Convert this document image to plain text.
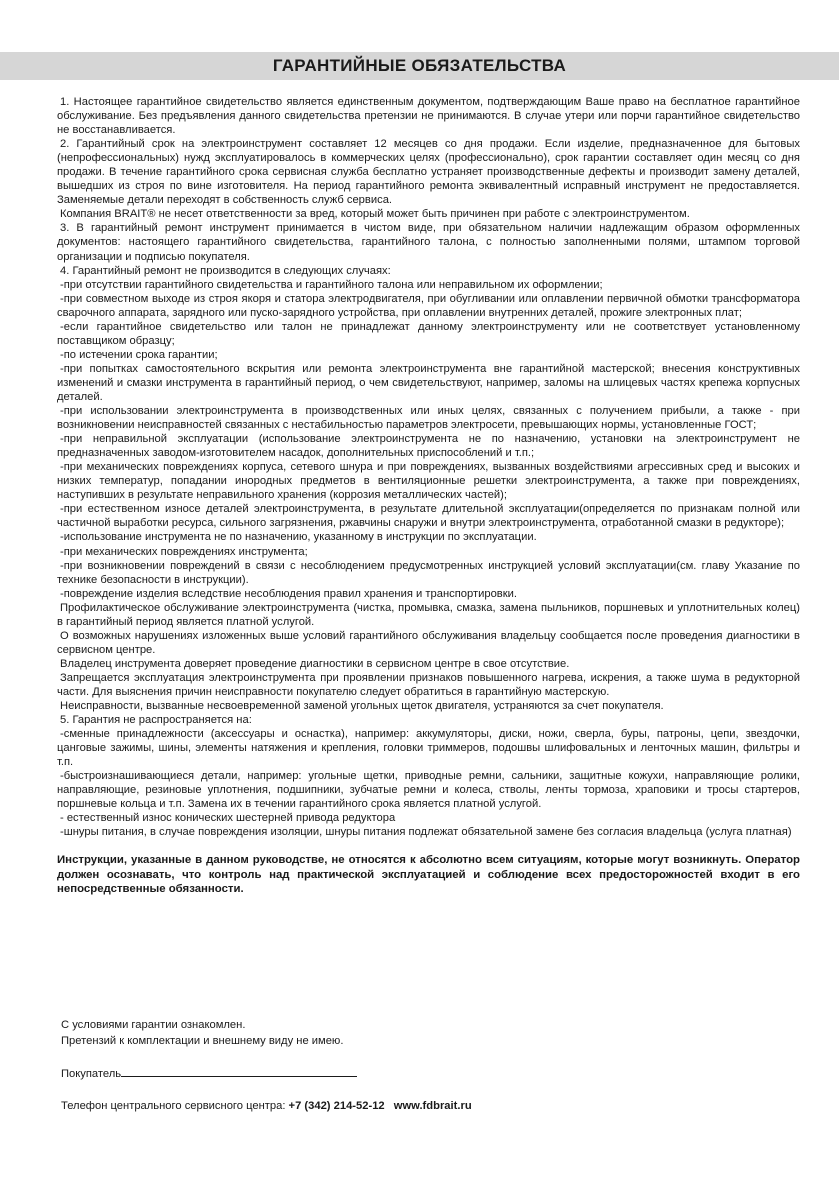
ГАРАНТИЙНЫЕ ОБЯЗАТЕЛЬСТВА

1. Настоящее гарантийное свидетельство является единственным документом, подтверждающим Ваше право на бесплатное гарантийное обслуживание. Без предъявления данного свидетельства претензии не принимаются. В случае утери или порчи гарантийное свидетельство не восстанавливается.

2. Гарантийный срок на электроинструмент составляет 12 месяцев со дня продажи. Если изделие, предназначенное для бытовых (непрофессиональных) нужд эксплуатировалось в коммерческих целях (профессионально), срок гарантии составляет один месяц со дня продажи. В течение гарантийного срока сервисная служба бесплатно устраняет производственные дефекты и производит замену деталей, вышедших из строя по вине изготовителя. На период гарантийного ремонта эквивалентный исправный инструмент не предоставляется. Заменяемые детали переходят в собственность служб сервиса.

Компания BRAIT® не несет ответственности за вред, который может быть причинен при работе с электроинструментом.

3. В гарантийный ремонт инструмент принимается в чистом виде, при обязательном наличии надлежащим образом оформленных документов: настоящего гарантийного свидетельства, гарантийного талона, с полностью заполненными полями, штампом торговой организации и подписью покупателя.

4. Гарантийный ремонт не производится в следующих случаях:

-при отсутствии гарантийного свидетельства и гарантийного талона или неправильном их оформлении;

-при совместном выходе из строя якоря и статора электродвигателя, при обугливании или оплавлении первичной обмотки трансформатора сварочного аппарата, зарядного или пуско-зарядного устройства, при оплавлении внутренних деталей, прожиге электронных плат;

-если гарантийное свидетельство или талон не принадлежат данному электроинструменту или не соответствует установленному поставщиком образцу;

-по истечении срока гарантии;

-при попытках самостоятельного вскрытия или ремонта электроинструмента вне гарантийной мастерской; внесения конструктивных изменений и смазки инструмента в гарантийный период, о чем свидетельствуют, например, заломы на шлицевых частях крепежа корпусных деталей.

-при использовании электроинструмента в производственных или иных целях, связанных с получением прибыли, а также - при возникновении неисправностей связанных с нестабильностью параметров электросети, превышающих нормы, установленные ГОСТ;

-при неправильной эксплуатации (использование электроинструмента не по назначению, установки на электроинструмент не предназначенных заводом-изготовителем насадок, дополнительных приспособлений и т.п.;

-при механических повреждениях корпуса, сетевого шнура и при повреждениях, вызванных воздействиями агрессивных сред и высоких и низких температур, попадании инородных предметов в вентиляционные решетки электроинструмента, а также при повреждениях, наступивших в результате неправильного хранения (коррозия металлических частей);

-при естественном износе деталей электроинструмента, в результате длительной эксплуатации(определяется по признакам полной или частичной выработки ресурса, сильного загрязнения, ржавчины снаружи и внутри электроинструмента, отработанной смазки в редукторе);

-использование инструмента не по назначению, указанному в инструкции по эксплуатации.

-при механических повреждениях инструмента;

-при возникновении повреждений в связи с несоблюдением предусмотренных инструкцией условий эксплуатации(см. главу Указание по технике безопасности в инструкции).

-повреждение изделия вследствие несоблюдения правил хранения и транспортировки.

Профилактическое обслуживание электроинструмента (чистка, промывка, смазка, замена пыльников, поршневых и уплотнительных колец) в гарантийный период является платной услугой.

О возможных нарушениях изложенных выше условий гарантийного обслуживания владельцу сообщается после проведения диагностики в сервисном центре.

Владелец инструмента доверяет проведение диагностики в сервисном центре в свое отсутствие.

Запрещается эксплуатация электроинструмента при проявлении признаков повышенного нагрева, искрения, а также шума в редукторной части. Для выяснения причин неисправности покупателю следует обратиться в гарантийную мастерскую.

Неисправности, вызванные несвоевременной заменой угольных щеток двигателя, устраняются за счет покупателя.

5. Гарантия не распространяется на:

-сменные принадлежности (аксессуары и оснастка), например: аккумуляторы, диски, ножи, сверла, буры, патроны, цепи, звездочки, цанговые зажимы, шины, элементы натяжения и крепления, головки триммеров, подошвы шлифовальных и ленточных машин, фильтры и т.п.

-быстроизнашивающиеся детали, например: угольные щетки, приводные ремни, сальники, защитные кожухи, направляющие ролики, направляющие, резиновые уплотнения, подшипники, зубчатые ремни и колеса, стволы, ленты тормоза, храповики и тросы стартеров, поршневые кольца и т.п. Замена их в течении гарантийного срока является платной услугой.

- естественный износ конических шестерней привода редуктора

-шнуры питания, в случае повреждения изоляции, шнуры питания подлежат обязательной замене без согласия владельца (услуга платная)

Инструкции, указанные в данном руководстве, не относятся к абсолютно всем ситуациям, которые могут возникнуть. Оператор должен осознавать, что контроль над практической эксплуатацией и соблюдение всех предосторожностей входит в его непосредственные обязанности.

С условиями гарантии ознакомлен.

Претензий к комплектации и внешнему виду не имею.

Покупатель

Телефон центрального сервисного центра: +7 (342) 214-52-12 www.fdbrait.ru
